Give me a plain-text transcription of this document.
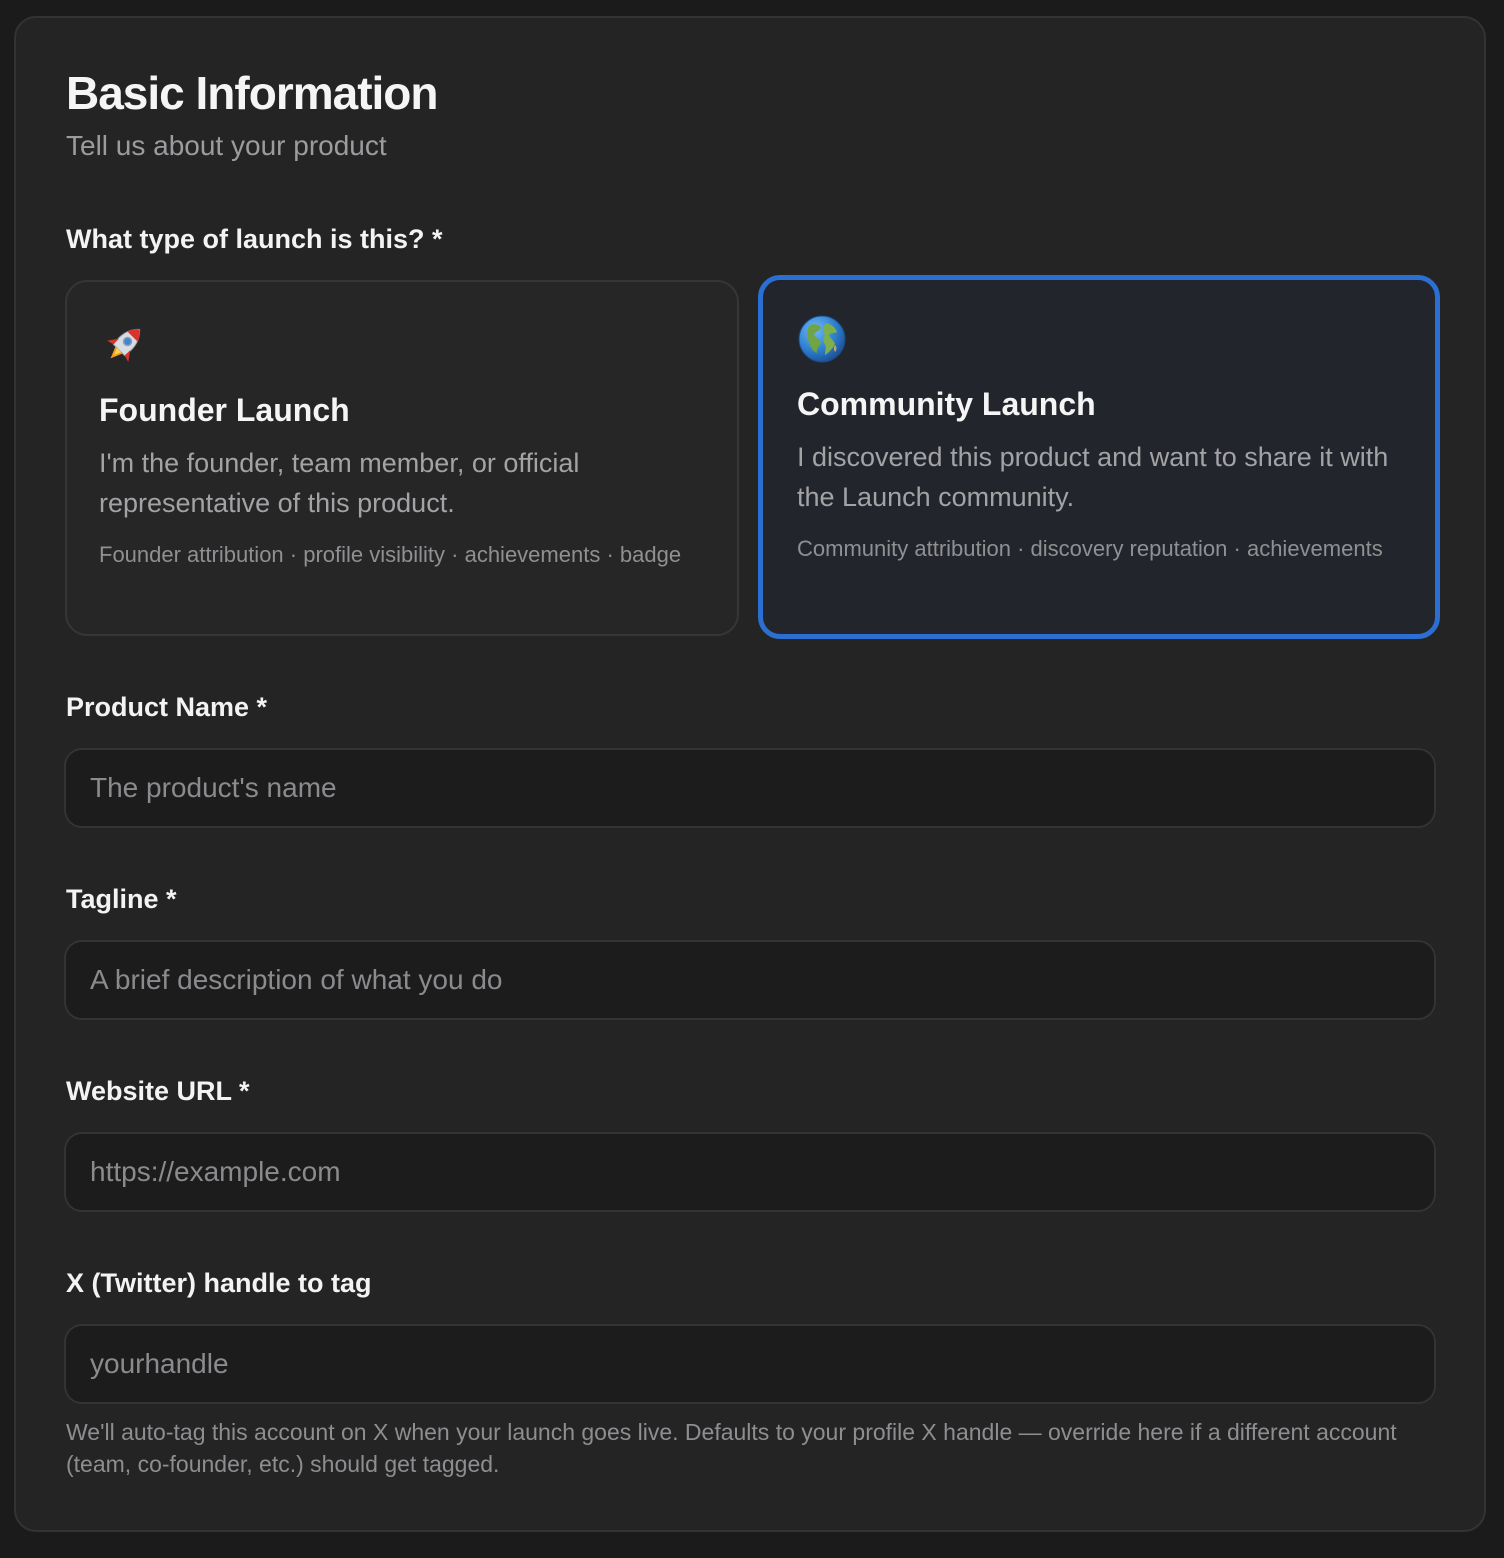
Basic Information

Tell us about your product

What type of launch is this? *

Founder Launch

I'm the founder, team member, or official representative of this product.

Founder attribution · profile visibility · achievements · badge

Community Launch

I discovered this product and want to share it with the Launch community.

Community attribution · discovery reputation · achievements

Product Name *

The product's name

Tagline *

A brief description of what you do

Website URL *

https://example.com

X (Twitter) handle to tag

yourhandle

We'll auto-tag this account on X when your launch goes live. Defaults to your profile X handle — override here if a different account (team, co-founder, etc.) should get tagged.
